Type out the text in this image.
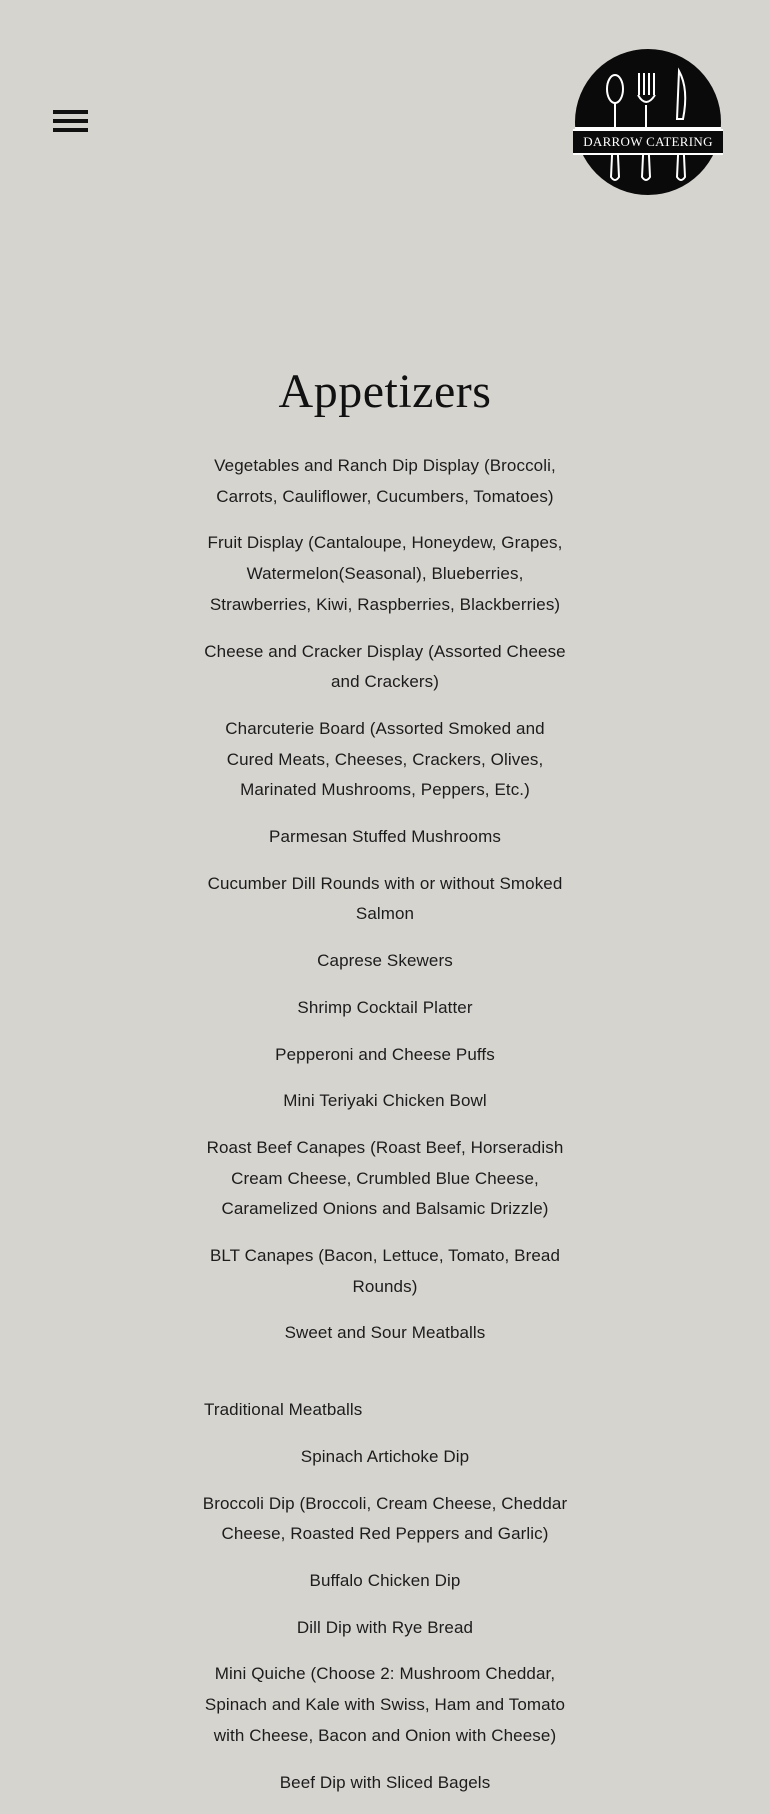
DARROW CATERING
Appetizers
Vegetables and Ranch Dip Display (Broccoli, Carrots, Cauliflower, Cucumbers, Tomatoes)
Fruit Display (Cantaloupe, Honeydew, Grapes, Watermelon(Seasonal), Blueberries, Strawberries, Kiwi, Raspberries, Blackberries)
Cheese and Cracker Display (Assorted Cheese and Crackers)
Charcuterie Board (Assorted Smoked and Cured Meats, Cheeses, Crackers, Olives, Marinated Mushrooms, Peppers, Etc.)
Parmesan Stuffed Mushrooms
Cucumber Dill Rounds with or without Smoked Salmon
Caprese Skewers
Shrimp Cocktail Platter
Pepperoni and Cheese Puffs
Mini Teriyaki Chicken Bowl
Roast Beef Canapes (Roast Beef, Horseradish Cream Cheese, Crumbled Blue Cheese, Caramelized Onions and Balsamic Drizzle)
BLT Canapes (Bacon, Lettuce, Tomato, Bread Rounds)
Sweet and Sour Meatballs
Traditional Meatballs
Spinach Artichoke Dip
Broccoli Dip (Broccoli, Cream Cheese, Cheddar Cheese, Roasted Red Peppers and Garlic)
Buffalo Chicken Dip
Dill Dip with Rye Bread
Mini Quiche (Choose 2: Mushroom Cheddar, Spinach and Kale with Swiss, Ham and Tomato with Cheese, Bacon and Onion with Cheese)
Beef Dip with Sliced Bagels
